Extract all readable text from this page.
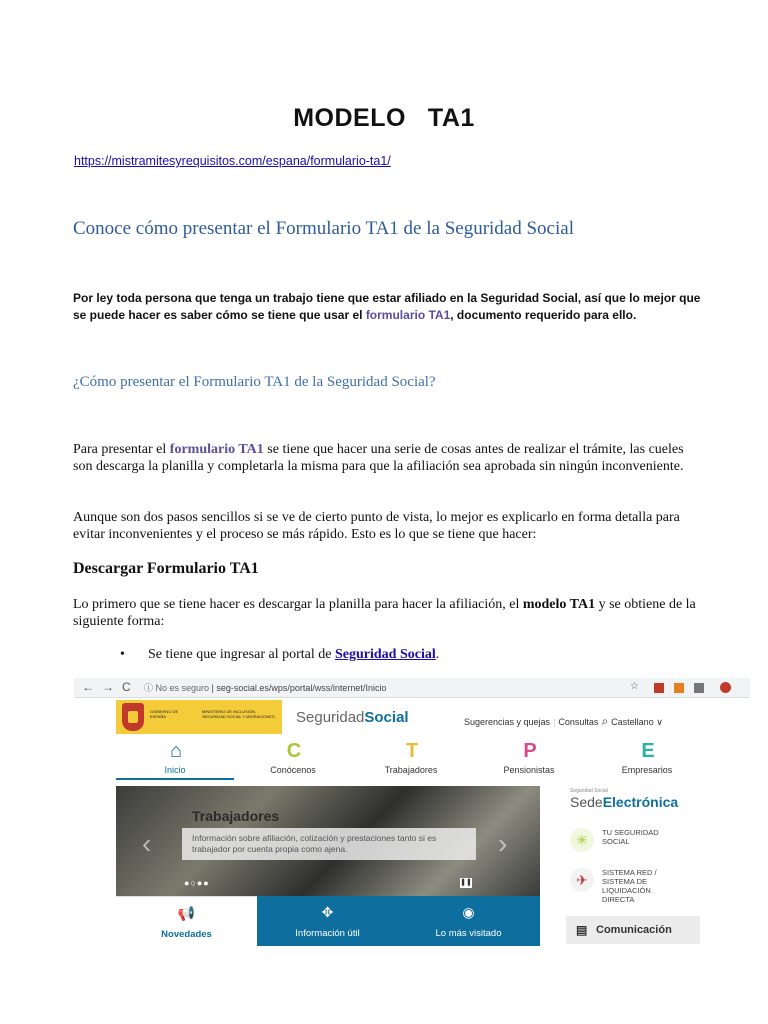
MODELO TA1
https://mistramitesyrequisitos.com/espana/formulario-ta1/
Conoce cómo presentar el Formulario TA1 de la Seguridad Social

Por ley toda persona que tenga un trabajo tiene que estar afiliado en la Seguridad Social, así que lo mejor que se puede hacer es saber cómo se tiene que usar el formulario TA1, documento requerido para ello.

¿Cómo presentar el Formulario TA1 de la Seguridad Social?

Para presentar el formulario TA1 se tiene que hacer una serie de cosas antes de realizar el trámite, las cueles son descarga la planilla y completarla la misma para que la afiliación sea aprobada sin ningún inconveniente.

Aunque son dos pasos sencillos si se ve de cierto punto de vista, lo mejor es explicarlo en forma detalla para evitar inconvenientes y el proceso se más rápido. Esto es lo que se tiene que hacer:

Descargar Formulario TA1

Lo primero que se tiene hacer es descargar la planilla para hacer la afiliación, el modelo TA1 y se obtiene de la siguiente forma:

• Se tiene que ingresar al portal de Seguridad Social.
← → C ⓘ No es seguro | seg-social.es/wps/portal/wss/internet/Inicio	☆
GOBIERNO DE ESPAÑA
MINISTERIO DE INCLUSIÓN, SEGURIDAD SOCIAL Y MIGRACIONES	SeguridadSocial	Sugerencias y quejas | Consultas ⌕ Castellano ∨
⌂
Inicio
C
Conócenos
T
Trabajadores
P
Pensionistas
E
Empresarios
‹
Trabajadores
Información sobre afiliación, cotización y prestaciones tanto si es trabajador por cuenta propia como ajena.	›
●○●●	❚❚
📢
Novedades
✥
Información útil
◉
Lo más visitado
Seguridad Social
SedeElectrónica
✳	TU SEGURIDAD SOCIAL
✈	SISTEMA RED / SISTEMA DE LIQUIDACIÓN DIRECTA
▤ Comunicación
